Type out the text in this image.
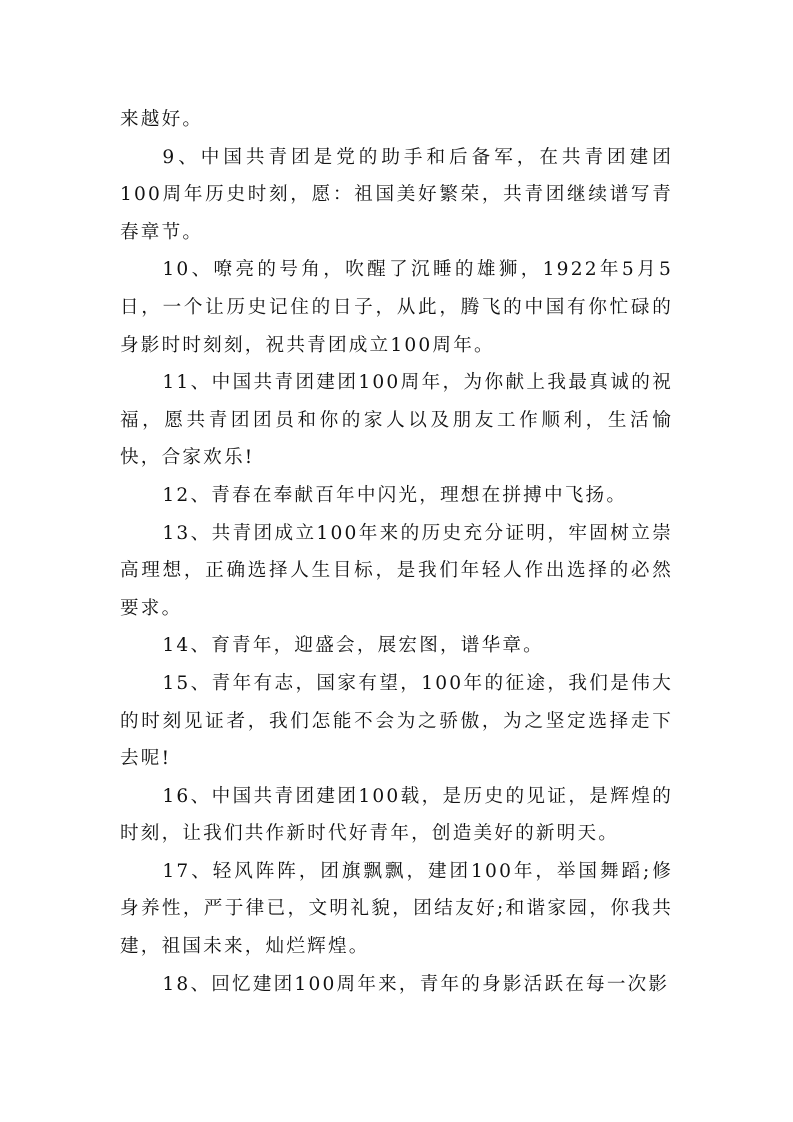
来越好。

9、中国共青团是党的助手和后备军，在共青团建团100周年历史时刻，愿：祖国美好繁荣，共青团继续谱写青春章节。

10、嘹亮的号角，吹醒了沉睡的雄狮，1922年5月5日，一个让历史记住的日子，从此，腾飞的中国有你忙碌的身影时时刻刻，祝共青团成立100周年。

11、中国共青团建团100周年，为你献上我最真诚的祝福，愿共青团团员和你的家人以及朋友工作顺利，生活愉快，合家欢乐!

12、青春在奉献百年中闪光，理想在拼搏中飞扬。

13、共青团成立100年来的历史充分证明，牢固树立崇高理想，正确选择人生目标，是我们年轻人作出选择的必然要求。

14、育青年，迎盛会，展宏图，谱华章。

15、青年有志，国家有望，100年的征途，我们是伟大的时刻见证者，我们怎能不会为之骄傲，为之坚定选择走下去呢!

16、中国共青团建团100载，是历史的见证，是辉煌的时刻，让我们共作新时代好青年，创造美好的新明天。

17、轻风阵阵，团旗飘飘，建团100年，举国舞蹈;修身养性，严于律已，文明礼貌，团结友好;和谐家园，你我共建，祖国未来，灿烂辉煌。

18、回忆建团100周年来，青年的身影活跃在每一次影
